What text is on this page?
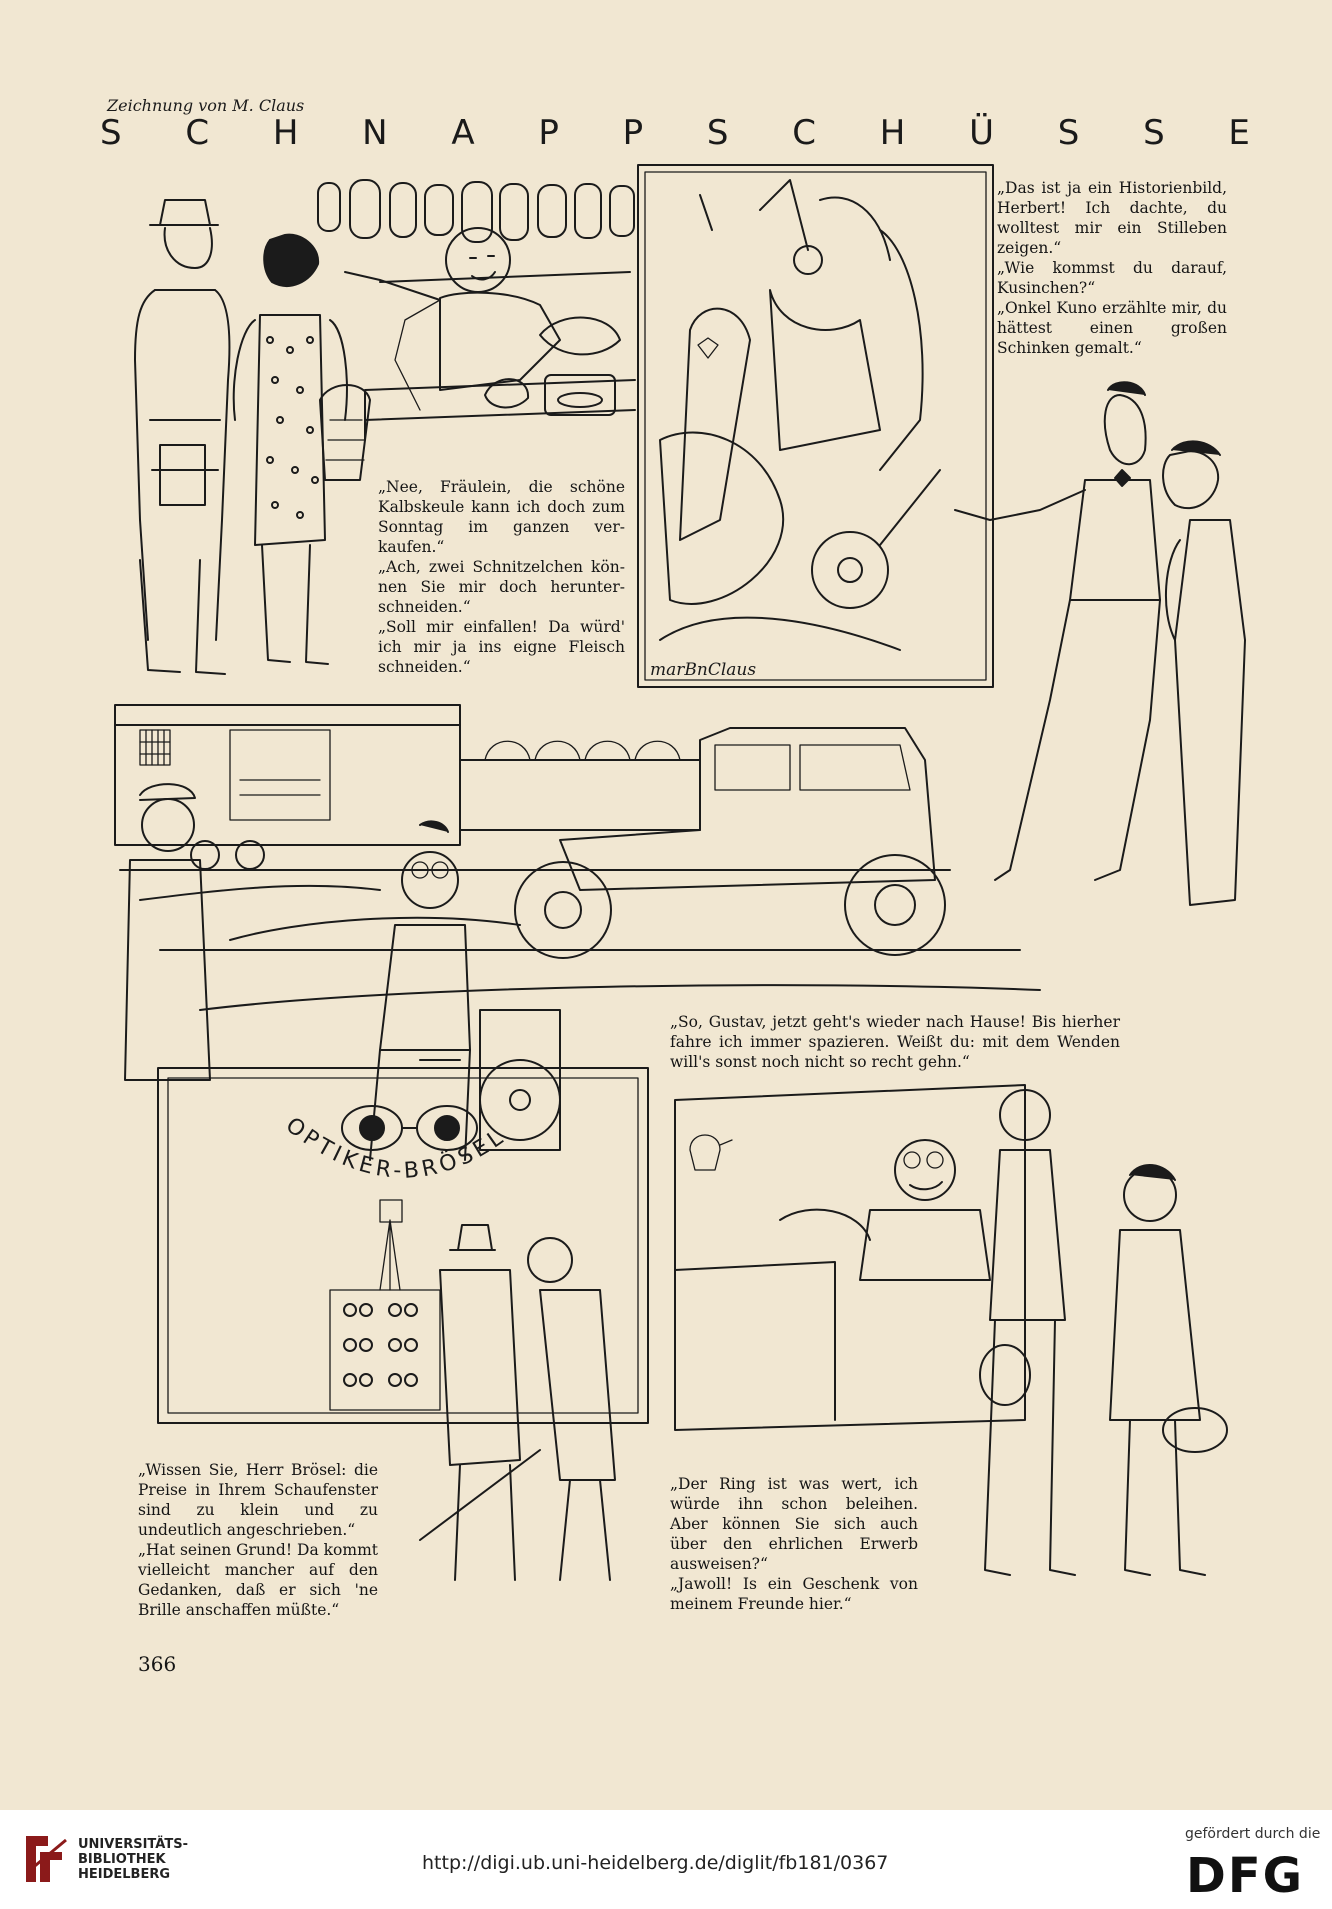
Zeichnung von M. Claus
S C H N A P P S C H Ü S S E
„Nee, Fräulein, die schöne Kalbskeule kann ich doch zum Sonntag im ganzen verkaufen.“
„Ach, zwei Schnitzelchen können Sie mir doch herunterschneiden.“
„Soll mir einfallen! Da würd' ich mir ja ins eigne Fleisch schneiden.“
„Das ist ja ein Historienbild, Herbert! Ich dachte, du wolltest mir ein Stilleben zeigen.“
„Wie kommst du darauf, Kusinchen?“
„Onkel Kuno erzählte mir, du hättest einen großen Schinken gemalt.“
„So, Gustav, jetzt geht's wieder nach Hause! Bis hierher fahre ich immer spazieren. Weißt du: mit dem Wenden will's sonst noch nicht so recht gehn.“
„Wissen Sie, Herr Brösel: die Preise in Ihrem Schaufenster sind zu klein und zu undeutlich angeschrieben.“
„Hat seinen Grund! Da kommt vielleicht mancher auf den Gedanken, daß er sich 'ne Brille anschaffen müßte.“
„Der Ring ist was wert, ich würde ihn schon beleihen. Aber können Sie sich auch über den ehrlichen Erwerb ausweisen?“
„Jawoll! Is ein Geschenk von meinem Freunde hier.“
OPTIKER-BRÖSEL
marBnClaus
366
UNIVERSITÄTS-
BIBLIOTHEK
HEIDELBERG
http://digi.ub.uni-heidelberg.de/diglit/fb181/0367
gefördert durch die
DFG
